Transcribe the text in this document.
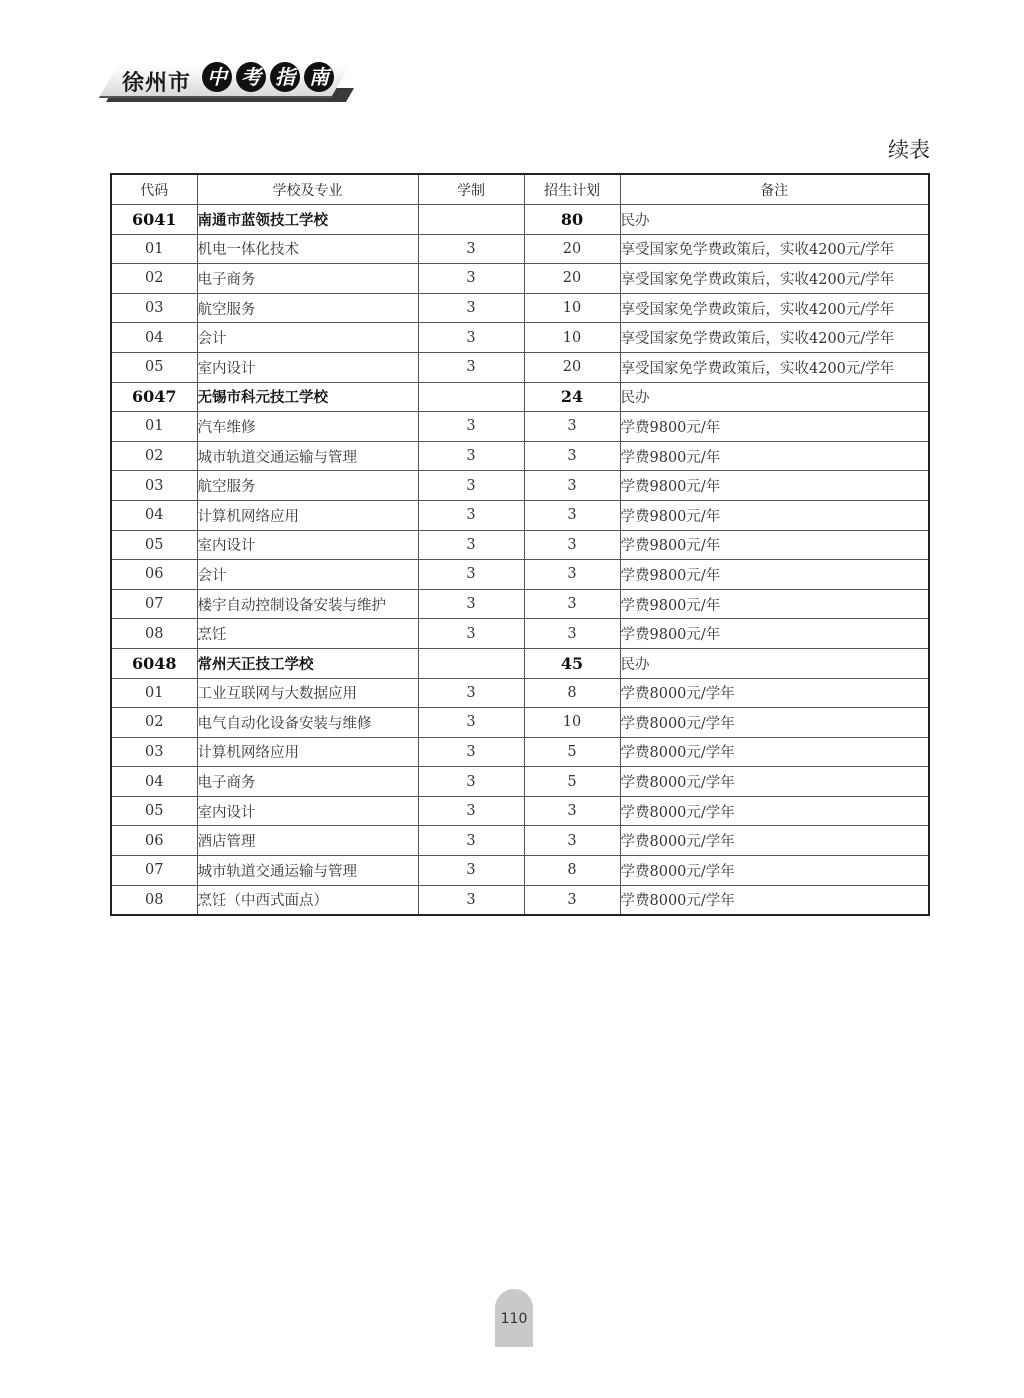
徐州市 中 考 指 南
续表
代码	学校及专业	学制	招生计划	备注
6041	南通市蓝领技工学校		80	民办
01	机电一体化技术	3	20	享受国家免学费政策后，实收4200元/学年
02	电子商务	3	20	享受国家免学费政策后，实收4200元/学年
03	航空服务	3	10	享受国家免学费政策后，实收4200元/学年
04	会计	3	10	享受国家免学费政策后，实收4200元/学年
05	室内设计	3	20	享受国家免学费政策后，实收4200元/学年
6047	无锡市科元技工学校		24	民办
01	汽车维修	3	3	学费9800元/年
02	城市轨道交通运输与管理	3	3	学费9800元/年
03	航空服务	3	3	学费9800元/年
04	计算机网络应用	3	3	学费9800元/年
05	室内设计	3	3	学费9800元/年
06	会计	3	3	学费9800元/年
07	楼宇自动控制设备安装与维护	3	3	学费9800元/年
08	烹饪	3	3	学费9800元/年
6048	常州天正技工学校		45	民办
01	工业互联网与大数据应用	3	8	学费8000元/学年
02	电气自动化设备安装与维修	3	10	学费8000元/学年
03	计算机网络应用	3	5	学费8000元/学年
04	电子商务	3	5	学费8000元/学年
05	室内设计	3	3	学费8000元/学年
06	酒店管理	3	3	学费8000元/学年
07	城市轨道交通运输与管理	3	8	学费8000元/学年
08	烹饪（中西式面点）	3	3	学费8000元/学年
110
